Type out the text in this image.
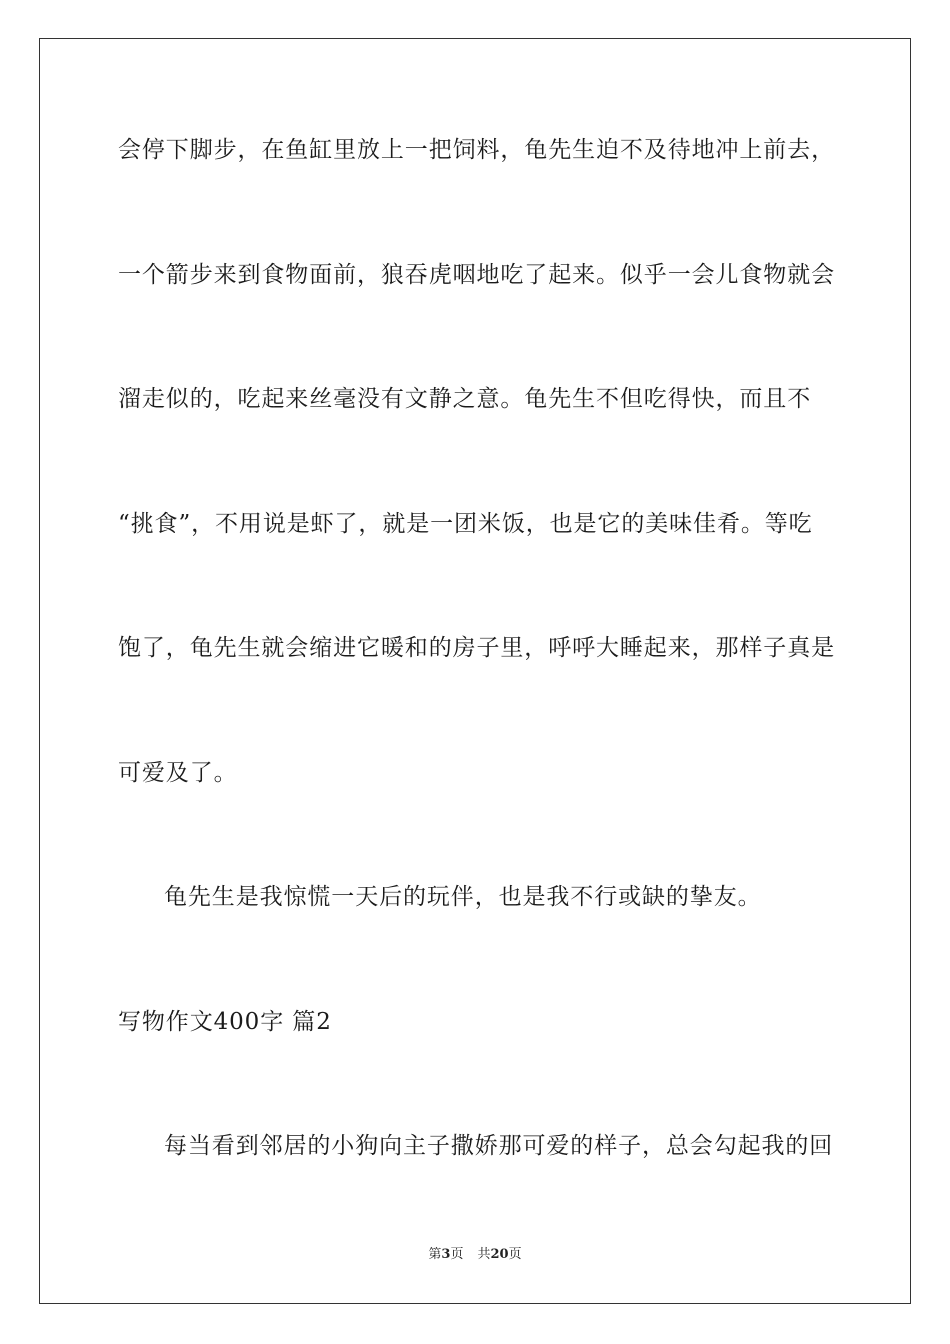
会停下脚步，在鱼缸里放上一把饲料，龟先生迫不及待地冲上前去，
一个箭步来到食物面前，狼吞虎咽地吃了起来。似乎一会儿食物就会
溜走似的，吃起来丝毫没有文静之意。龟先生不但吃得快，而且不
“挑食”，不用说是虾了，就是一团米饭，也是它的美味佳肴。等吃
饱了，龟先生就会缩进它暖和的房子里，呼呼大睡起来，那样子真是
可爱及了。
龟先生是我惊慌一天后的玩伴，也是我不行或缺的挚友。
写物作文400字 篇2
每当看到邻居的小狗向主子撒娇那可爱的样子，总会勾起我的回
第3页 共20页
